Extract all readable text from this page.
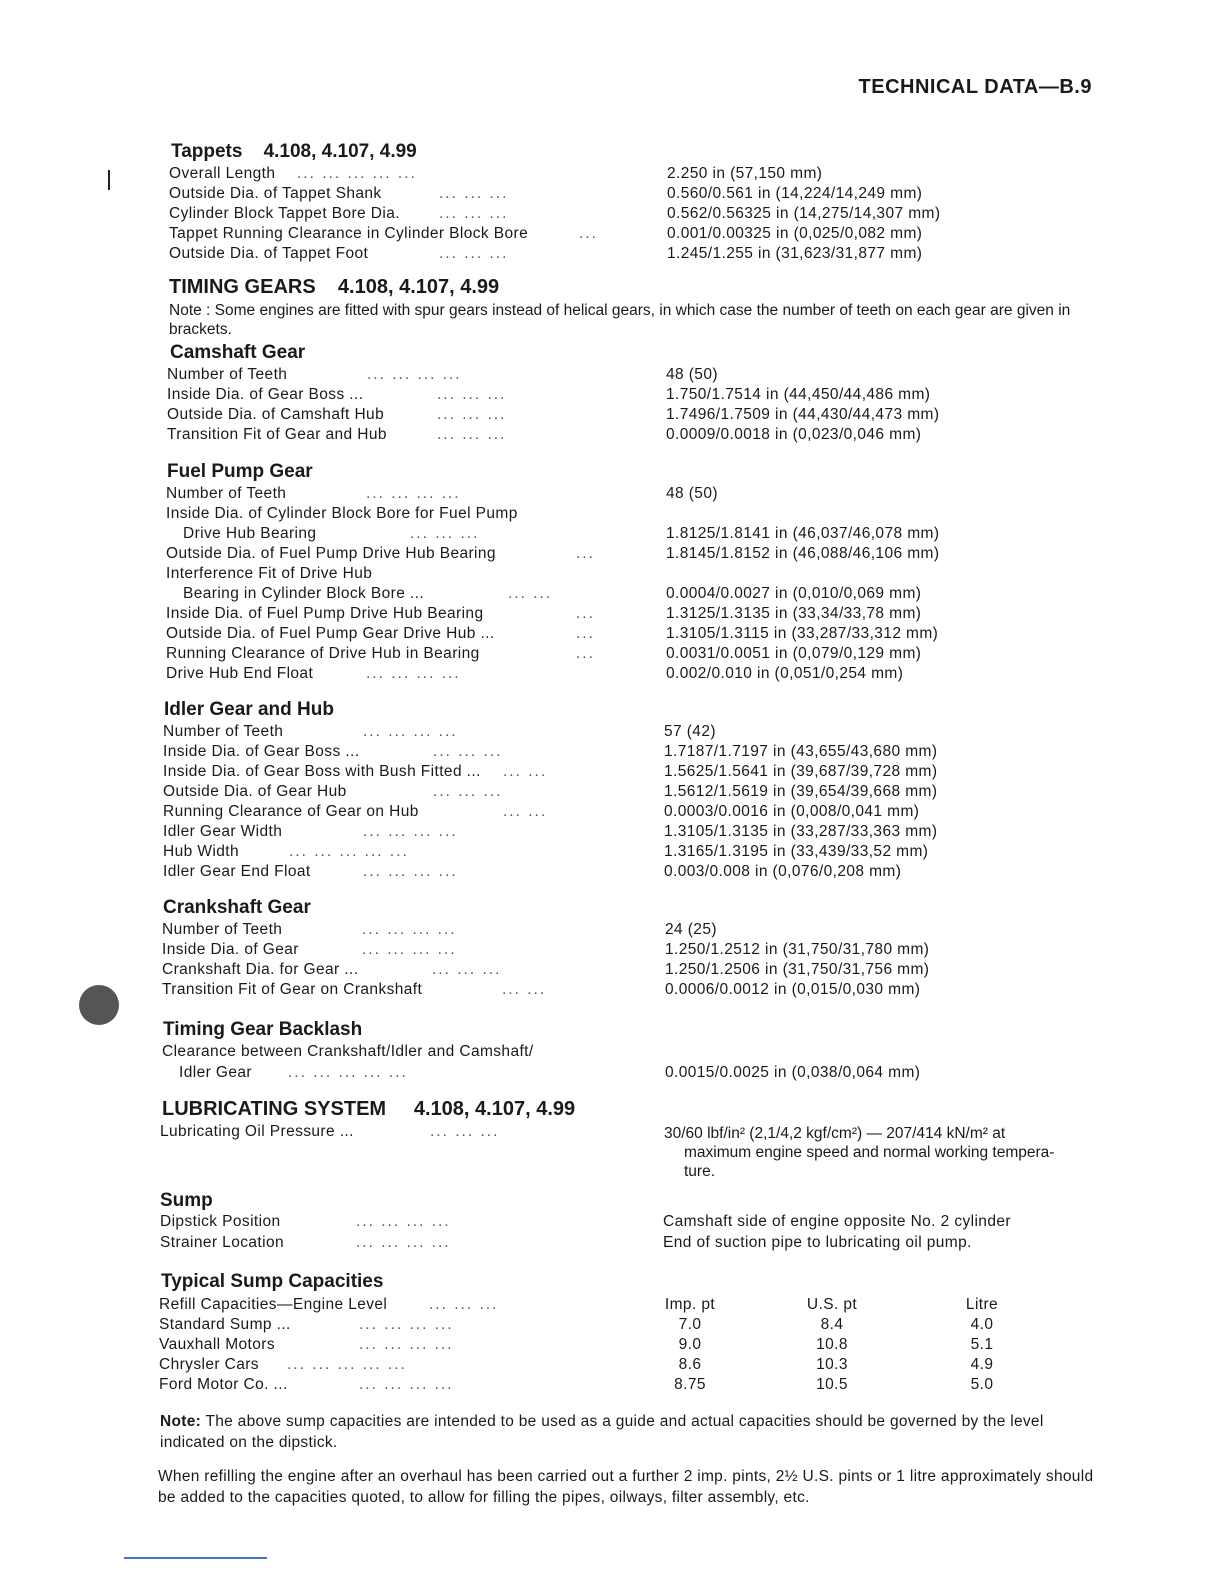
TECHNICAL DATA—B.9
Tappets 4.108, 4.107, 4.99
Overall Length ... ... ... ... ...	2.250 in (57,150 mm)
Outside Dia. of Tappet Shank	... ... ...	0.560/0.561 in (14,224/14,249 mm)
Cylinder Block Tappet Bore Dia.	... ... ...	0.562/0.56325 in (14,275/14,307 mm)
Tappet Running Clearance in Cylinder Block Bore	...	0.001/0.00325 in (0,025/0,082 mm)
Outside Dia. of Tappet Foot	... ... ...	1.245/1.255 in (31,623/31,877 mm)
TIMING GEARS 4.108, 4.107, 4.99
Note : Some engines are fitted with spur gears instead of helical gears, in which case the number of teeth on each gear are given in brackets.
Camshaft Gear
Number of Teeth	... ... ... ...	48 (50)
Inside Dia. of Gear Boss ...	... ... ...	1.750/1.7514 in (44,450/44,486 mm)
Outside Dia. of Camshaft Hub	... ... ...	1.7496/1.7509 in (44,430/44,473 mm)
Transition Fit of Gear and Hub	... ... ...	0.0009/0.0018 in (0,023/0,046 mm)
Fuel Pump Gear
Number of Teeth	... ... ... ...	48 (50)
Inside Dia. of Cylinder Block Bore for Fuel Pump
Drive Hub Bearing	... ... ...	1.8125/1.8141 in (46,037/46,078 mm)
Outside Dia. of Fuel Pump Drive Hub Bearing	...	1.8145/1.8152 in (46,088/46,106 mm)
Interference Fit of Drive Hub
Bearing in Cylinder Block Bore ...	... ...	0.0004/0.0027 in (0,010/0,069 mm)
Inside Dia. of Fuel Pump Drive Hub Bearing	...	1.3125/1.3135 in (33,34/33,78 mm)
Outside Dia. of Fuel Pump Gear Drive Hub ...	...	1.3105/1.3115 in (33,287/33,312 mm)
Running Clearance of Drive Hub in Bearing	...	0.0031/0.0051 in (0,079/0,129 mm)
Drive Hub End Float	... ... ... ...	0.002/0.010 in (0,051/0,254 mm)
Idler Gear and Hub
Number of Teeth	... ... ... ...	57 (42)
Inside Dia. of Gear Boss ...	... ... ...	1.7187/1.7197 in (43,655/43,680 mm)
Inside Dia. of Gear Boss with Bush Fitted ... ... ...	1.5625/1.5641 in (39,687/39,728 mm)
Outside Dia. of Gear Hub	... ... ...	1.5612/1.5619 in (39,654/39,668 mm)
Running Clearance of Gear on Hub	... ...	0.0003/0.0016 in (0,008/0,041 mm)
Idler Gear Width	... ... ... ...	1.3105/1.3135 in (33,287/33,363 mm)
Hub Width	... ... ... ... ...	1.3165/1.3195 in (33,439/33,52 mm)
Idler Gear End Float	... ... ... ...	0.003/0.008 in (0,076/0,208 mm)
Crankshaft Gear
Number of Teeth	... ... ... ...	24 (25)
Inside Dia. of Gear	... ... ... ...	1.250/1.2512 in (31,750/31,780 mm)
Crankshaft Dia. for Gear ...	... ... ...	1.250/1.2506 in (31,750/31,756 mm)
Transition Fit of Gear on Crankshaft	... ...	0.0006/0.0012 in (0,015/0,030 mm)
Timing Gear Backlash
Clearance between Crankshaft/Idler and Camshaft/
Idler Gear ... ... ... ... ...	0.0015/0.0025 in (0,038/0,064 mm)
LUBRICATING SYSTEM 4.108, 4.107, 4.99
Lubricating Oil Pressure ...	... ... ...	30/60 lbf/in² (2,1/4,2 kgf/cm²) — 207/414 kN/m² at
maximum engine speed and normal working tempera-
ture.
Sump
Dipstick Position	... ... ... ...	Camshaft side of engine opposite No. 2 cylinder
Strainer Location	... ... ... ...	End of suction pipe to lubricating oil pump.
Typical Sump Capacities
Refill Capacities—Engine Level	... ... ...	Imp. pt	U.S. pt	Litre
Standard Sump ...	... ... ... ...	7.0	8.4	4.0
Vauxhall Motors	... ... ... ...	9.0	10.8	5.1
Chrysler Cars ... ... ... ... ...	8.6	10.3	4.9
Ford Motor Co. ...	... ... ... ...	8.75	10.5	5.0
Note: The above sump capacities are intended to be used as a guide and actual capacities should be governed by the level indicated on the dipstick.
When refilling the engine after an overhaul has been carried out a further 2 imp. pints, 2½ U.S. pints or 1 litre approximately should be added to the capacities quoted, to allow for filling the pipes, oilways, filter assembly, etc.
